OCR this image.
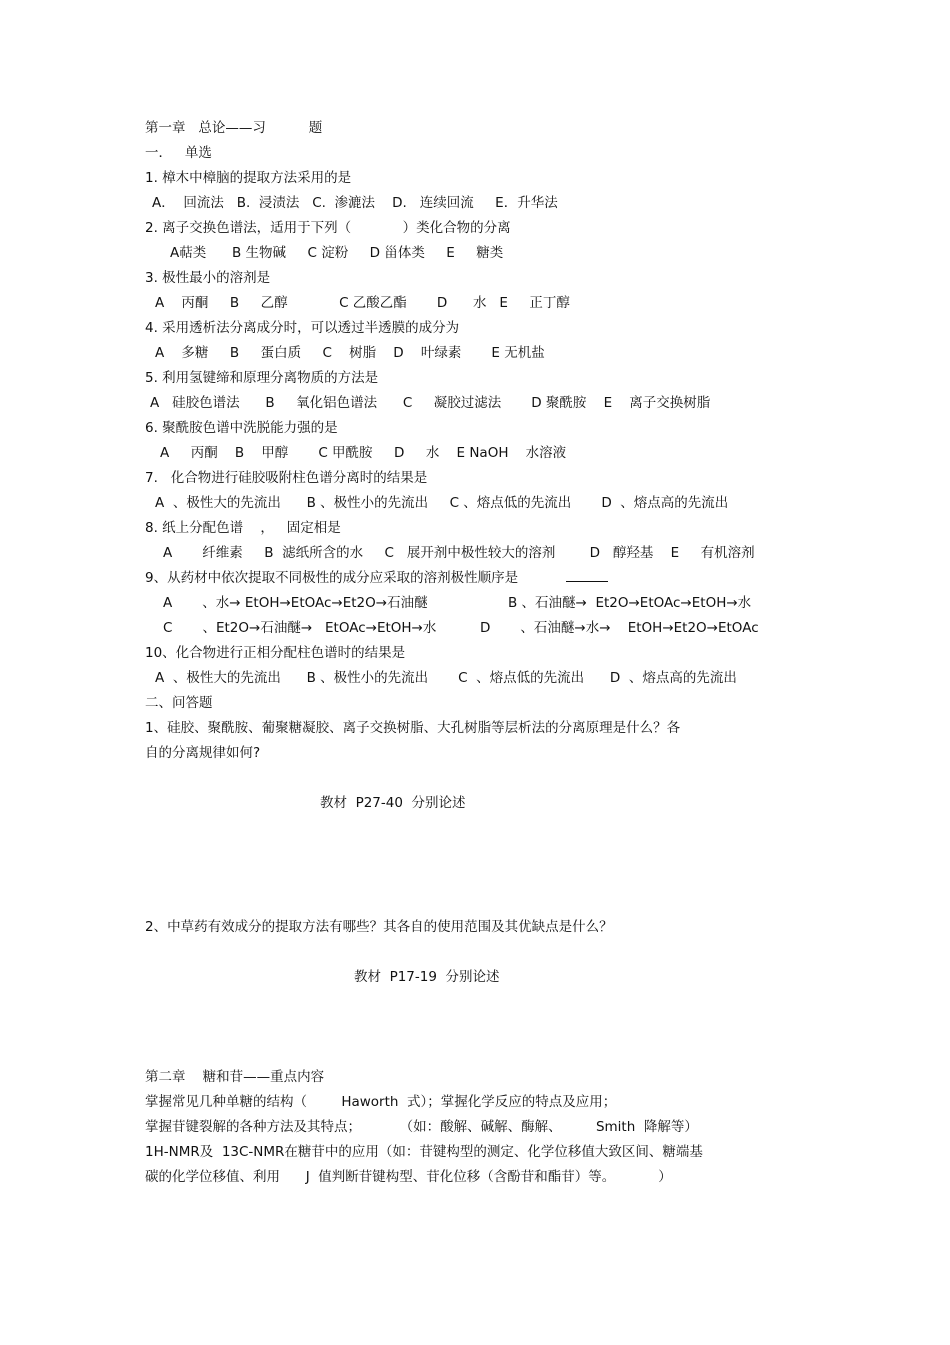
第一章   总论——习          题
一．   单选
1. 樟木中樟脑的提取方法采用的是
A．  回流法   B.  浸渍法   C.  渗漉法    D.   连续回流     E．升华法
2. 离子交换色谱法，适用于下列（            ）类化合物的分离
A萜类      B 生物碱     C 淀粉     D 甾体类     E     糖类
3. 极性最小的溶剂是
A    丙酮     B     乙醇            C 乙酸乙酯       D      水   E     正丁醇
4. 采用透析法分离成分时，可以透过半透膜的成分为
A    多糖     B     蛋白质     C    树脂    D    叶绿素       E 无机盐
5. 利用氢键缔和原理分离物质的方法是
A   硅胶色谱法      B     氧化铝色谱法      C     凝胶过滤法       D 聚酰胺    E    离子交换树脂
6. 聚酰胺色谱中洗脱能力强的是
A     丙酮    B    甲醇       C 甲酰胺     D     水    E NaOH    水溶液
7.   化合物进行硅胶吸附柱色谱分离时的结果是
A  、极性大的先流出      B 、极性小的先流出     C 、熔点低的先流出       D  、熔点高的先流出
8. 纸上分配色谱    ，   固定相是
A       纤维素     B  滤纸所含的水     C   展开剂中极性较大的溶剂        D   醇羟基    E     有机溶剂
9、从药材中依次提取不同极性的成分应采取的溶剂极性顺序是
A       、水→ EtOH→EtOAc→Et2O→石油醚	B 、石油醚→  Et2O→EtOAc→EtOH→水
C       、Et2O→石油醚→   EtOAc→EtOH→水	D       、石油醚→水→    EtOH→Et2O→EtOAc
10、化合物进行正相分配柱色谱时的结果是
A  、极性大的先流出      B 、极性小的先流出       C  、熔点低的先流出      D  、熔点高的先流出
二、问答题
1、硅胶、聚酰胺、葡聚糖凝胶、离子交换树脂、大孔树脂等层析法的分离原理是什么？各
自的分离规律如何?
教材  P27-40  分别论述
2、中草药有效成分的提取方法有哪些？其各自的使用范围及其优缺点是什么？
教材  P17-19  分别论述
第二章    糖和苷——重点内容
掌握常见几种单糖的结构（        Haworth  式）；掌握化学反应的特点及应用；
掌握苷键裂解的各种方法及其特点；         （如：酸解、碱解、酶解、        Smith  降解等）
1H-NMR及  13C-NMR在糖苷中的应用（如：苷键构型的测定、化学位移值大致区间、糖端基
碳的化学位移值、利用      J  值判断苷键构型、苷化位移（含酚苷和酯苷）等。          ）
